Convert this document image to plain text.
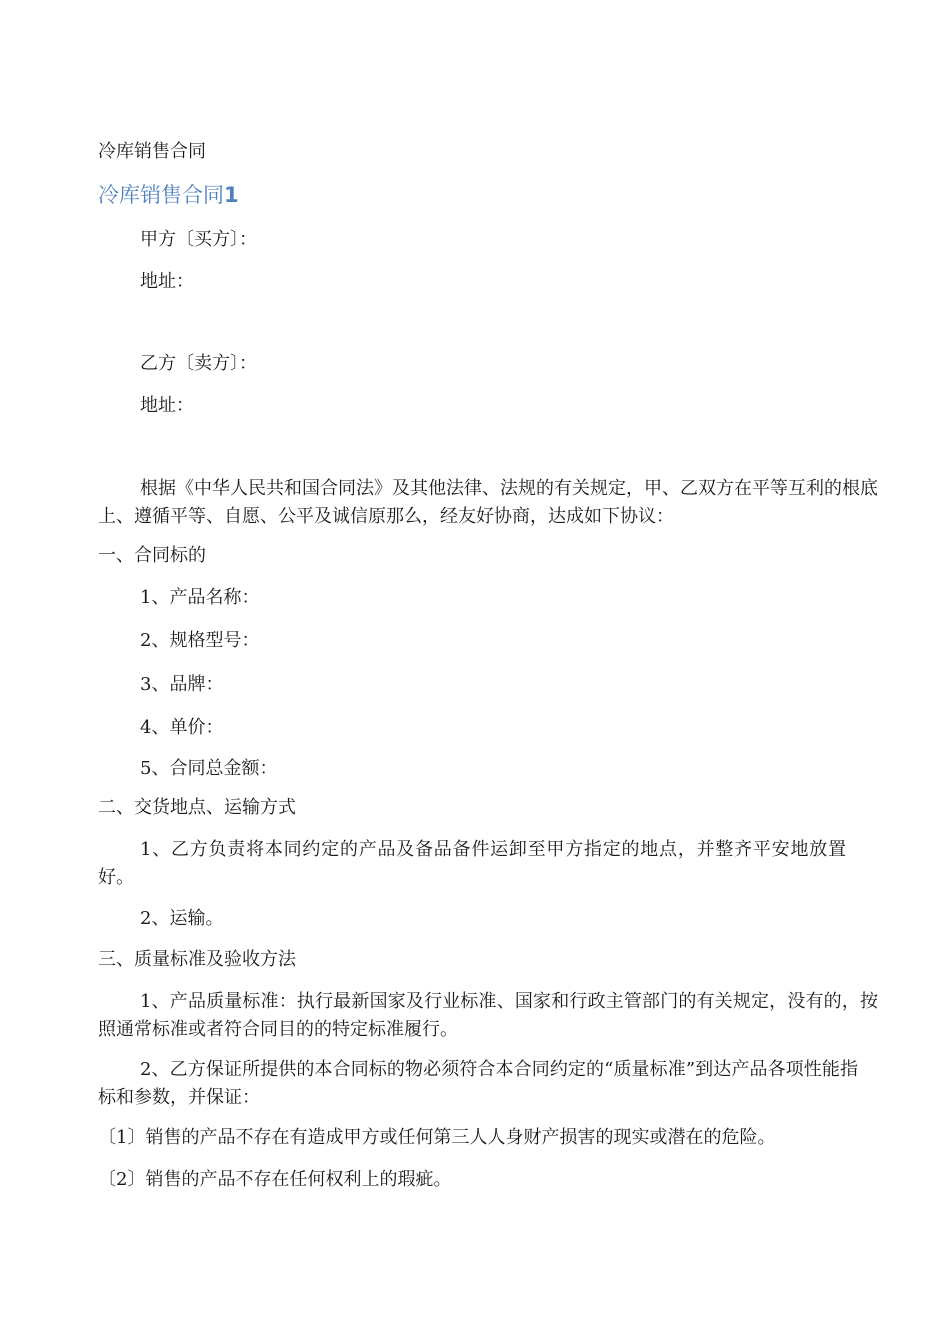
冷库销售合同

冷库销售合同1

甲方〔买方〕：

地址：

乙方〔卖方〕：

地址：

根据《中华人民共和国合同法》及其他法律、法规的有关规定，甲、乙双方在平等互利的根底上、遵循平等、自愿、公平及诚信原那么，经友好协商，达成如下协议：

一、合同标的

1、产品名称：

2、规格型号：

3、品牌：

4、单价：

5、合同总金额：

二、交货地点、运输方式

1、乙方负责将本同约定的产品及备品备件运卸至甲方指定的地点，并整齐平安地放置好。

2、运输。

三、质量标准及验收方法

1、产品质量标准：执行最新国家及行业标准、国家和行政主管部门的有关规定，没有的，按照通常标准或者符合同目的的特定标准履行。

2、乙方保证所提供的本合同标的物必须符合本合同约定的“质量标准”到达产品各项性能指标和参数，并保证：

〔1〕销售的产品不存在有造成甲方或任何第三人人身财产损害的现实或潜在的危险。

〔2〕销售的产品不存在任何权利上的瑕疵。
